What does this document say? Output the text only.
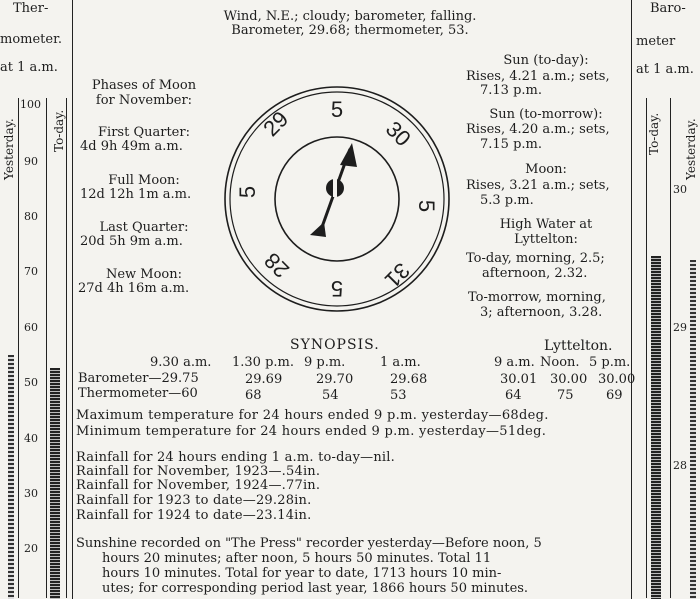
Ther-
mometer.
at 1 a.m.
Yesterday.	To-day.
100
90
80
70
60
50
40
30
20
Baro-
meter
at 1 a.m.
To-day. Yesterday.
30
29
28
Wind, N.E.; cloudy; barometer, falling.
Barometer, 29.68; thermometer, 53.
Phases of Moon
for November:
First Quarter:
4d 9h 49m a.m.
Full Moon:
12d 12h 1m a.m.
Last Quarter:
20d 5h 9m a.m.
New Moon:
27d 4h 16m a.m.
5
30
5
31
5
28
5
29
Sun (to-day):
Rises, 4.21 a.m.; sets,
7.13 p.m.
Sun (to-morrow):
Rises, 4.20 a.m.; sets,
7.15 p.m.
Moon:
Rises, 3.21 a.m.; sets,
5.3 p.m.
High Water at
Lyttelton:
To-day, morning, 2.5;
afternoon, 2.32.
To-morrow, morning,
3; afternoon, 3.28.
SYNOPSIS.	Lyttelton.
9.30 a.m. 1.30 p.m. 9 p.m.	1 a.m.	9 a.m. Noon. 5 p.m.
Barometer—29.75	29.69	29.70	29.68	30.01 30.00 30.00
Thermometer—60	68	54	53	64	75 69
Maximum temperature for 24 hours ended 9 p.m. yesterday—68deg.
Minimum temperature for 24 hours ended 9 p.m. yesterday—51deg.
Rainfall for 24 hours ending 1 a.m. to-day—nil.
Rainfall for November, 1923—.54in.
Rainfall for November, 1924—.77in.
Rainfall for 1923 to date—29.28in.
Rainfall for 1924 to date—23.14in.
Sunshine recorded on "The Press" recorder yesterday—Before noon, 5
hours 20 minutes; after noon, 5 hours 50 minutes. Total 11
hours 10 minutes. Total for year to date, 1713 hours 10 min-
utes; for corresponding period last year, 1866 hours 50 minutes.
